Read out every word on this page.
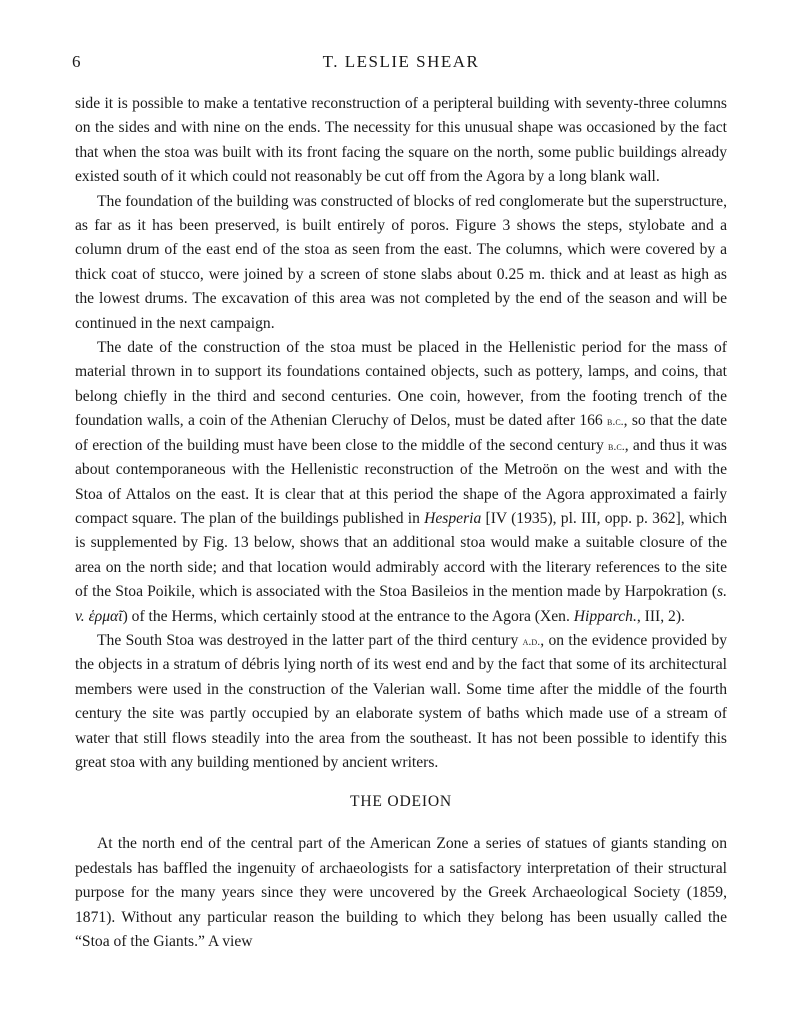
6	T. LESLIE SHEAR

side it is possible to make a tentative reconstruction of a peripteral building with seventy-three columns on the sides and with nine on the ends. The necessity for this unusual shape was occasioned by the fact that when the stoa was built with its front facing the square on the north, some public buildings already existed south of it which could not reasonably be cut off from the Agora by a long blank wall.

The foundation of the building was constructed of blocks of red conglomerate but the superstructure, as far as it has been preserved, is built entirely of poros. Figure 3 shows the steps, stylobate and a column drum of the east end of the stoa as seen from the east. The columns, which were covered by a thick coat of stucco, were joined by a screen of stone slabs about 0.25 m. thick and at least as high as the lowest drums. The excavation of this area was not completed by the end of the season and will be continued in the next campaign.

The date of the construction of the stoa must be placed in the Hellenistic period for the mass of material thrown in to support its foundations contained objects, such as pottery, lamps, and coins, that belong chiefly in the third and second centuries. One coin, however, from the footing trench of the foundation walls, a coin of the Athenian Cleruchy of Delos, must be dated after 166 b.c., so that the date of erection of the building must have been close to the middle of the second century b.c., and thus it was about contemporaneous with the Hellenistic reconstruction of the Metroön on the west and with the Stoa of Attalos on the east. It is clear that at this period the shape of the Agora approximated a fairly compact square. The plan of the buildings published in Hesperia [IV (1935), pl. III, opp. p. 362], which is supplemented by Fig. 13 below, shows that an additional stoa would make a suitable closure of the area on the north side; and that location would admirably accord with the literary references to the site of the Stoa Poikile, which is associated with the Stoa Basileios in the mention made by Harpokration (s. v. ἑρμαῖ) of the Herms, which certainly stood at the entrance to the Agora (Xen. Hipparch., III, 2).

The South Stoa was destroyed in the latter part of the third century a.d., on the evidence provided by the objects in a stratum of débris lying north of its west end and by the fact that some of its architectural members were used in the construction of the Valerian wall. Some time after the middle of the fourth century the site was partly occupied by an elaborate system of baths which made use of a stream of water that still flows steadily into the area from the southeast. It has not been possible to identify this great stoa with any building mentioned by ancient writers.

THE ODEION

At the north end of the central part of the American Zone a series of statues of giants standing on pedestals has baffled the ingenuity of archaeologists for a satisfactory interpretation of their structural purpose for the many years since they were uncovered by the Greek Archaeological Society (1859, 1871). Without any particular reason the building to which they belong has been usually called the “Stoa of the Giants.” A view
